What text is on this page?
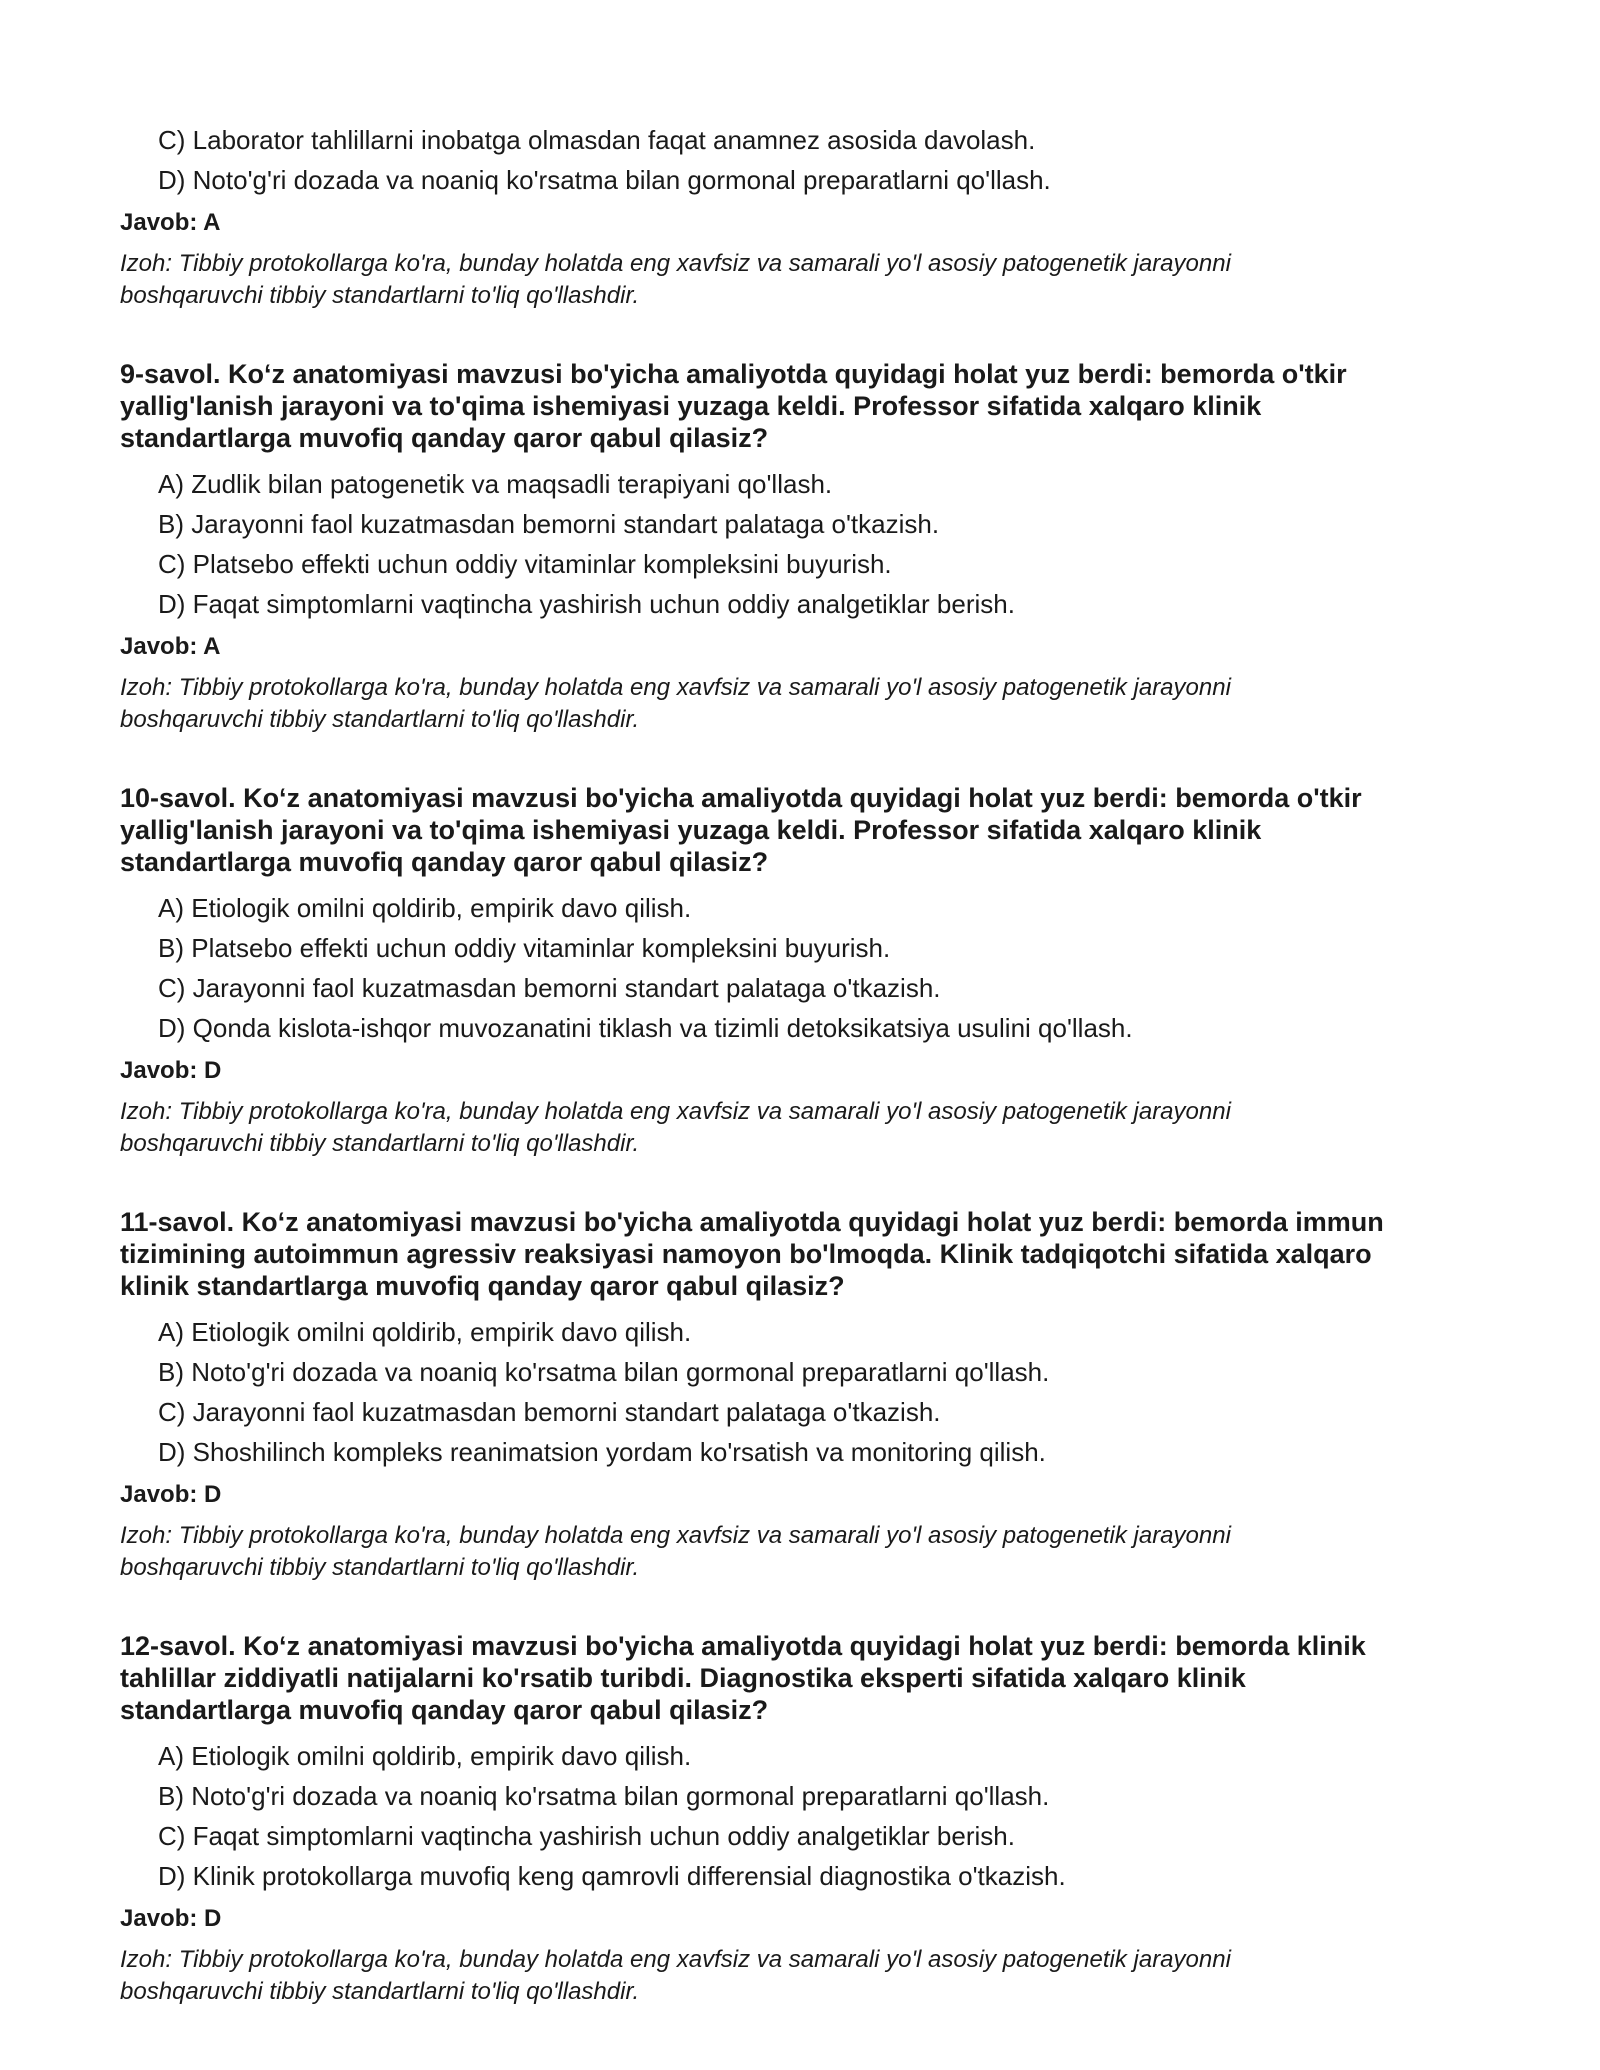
C) Laborator tahlillarni inobatga olmasdan faqat anamnez asosida davolash.
D) Noto'g'ri dozada va noaniq ko'rsatma bilan gormonal preparatlarni qo'llash.
Javob: A
Izoh: Tibbiy protokollarga ko'ra, bunday holatda eng xavfsiz va samarali yo'l asosiy patogenetik jarayonni
boshqaruvchi tibbiy standartlarni to'liq qo'llashdir.
9-savol. Ko‘z anatomiyasi mavzusi bo'yicha amaliyotda quyidagi holat yuz berdi: bemorda o'tkir
yallig'lanish jarayoni va to'qima ishemiyasi yuzaga keldi. Professor sifatida xalqaro klinik
standartlarga muvofiq qanday qaror qabul qilasiz?
A) Zudlik bilan patogenetik va maqsadli terapiyani qo'llash.
B) Jarayonni faol kuzatmasdan bemorni standart palataga o'tkazish.
C) Platsebo effekti uchun oddiy vitaminlar kompleksini buyurish.
D) Faqat simptomlarni vaqtincha yashirish uchun oddiy analgetiklar berish.
Javob: A
Izoh: Tibbiy protokollarga ko'ra, bunday holatda eng xavfsiz va samarali yo'l asosiy patogenetik jarayonni
boshqaruvchi tibbiy standartlarni to'liq qo'llashdir.
10-savol. Ko‘z anatomiyasi mavzusi bo'yicha amaliyotda quyidagi holat yuz berdi: bemorda o'tkir
yallig'lanish jarayoni va to'qima ishemiyasi yuzaga keldi. Professor sifatida xalqaro klinik
standartlarga muvofiq qanday qaror qabul qilasiz?
A) Etiologik omilni qoldirib, empirik davo qilish.
B) Platsebo effekti uchun oddiy vitaminlar kompleksini buyurish.
C) Jarayonni faol kuzatmasdan bemorni standart palataga o'tkazish.
D) Qonda kislota-ishqor muvozanatini tiklash va tizimli detoksikatsiya usulini qo'llash.
Javob: D
Izoh: Tibbiy protokollarga ko'ra, bunday holatda eng xavfsiz va samarali yo'l asosiy patogenetik jarayonni
boshqaruvchi tibbiy standartlarni to'liq qo'llashdir.
11-savol. Ko‘z anatomiyasi mavzusi bo'yicha amaliyotda quyidagi holat yuz berdi: bemorda immun
tizimining autoimmun agressiv reaksiyasi namoyon bo'lmoqda. Klinik tadqiqotchi sifatida xalqaro
klinik standartlarga muvofiq qanday qaror qabul qilasiz?
A) Etiologik omilni qoldirib, empirik davo qilish.
B) Noto'g'ri dozada va noaniq ko'rsatma bilan gormonal preparatlarni qo'llash.
C) Jarayonni faol kuzatmasdan bemorni standart palataga o'tkazish.
D) Shoshilinch kompleks reanimatsion yordam ko'rsatish va monitoring qilish.
Javob: D
Izoh: Tibbiy protokollarga ko'ra, bunday holatda eng xavfsiz va samarali yo'l asosiy patogenetik jarayonni
boshqaruvchi tibbiy standartlarni to'liq qo'llashdir.
12-savol. Ko‘z anatomiyasi mavzusi bo'yicha amaliyotda quyidagi holat yuz berdi: bemorda klinik
tahlillar ziddiyatli natijalarni ko'rsatib turibdi. Diagnostika eksperti sifatida xalqaro klinik
standartlarga muvofiq qanday qaror qabul qilasiz?
A) Etiologik omilni qoldirib, empirik davo qilish.
B) Noto'g'ri dozada va noaniq ko'rsatma bilan gormonal preparatlarni qo'llash.
C) Faqat simptomlarni vaqtincha yashirish uchun oddiy analgetiklar berish.
D) Klinik protokollarga muvofiq keng qamrovli differensial diagnostika o'tkazish.
Javob: D
Izoh: Tibbiy protokollarga ko'ra, bunday holatda eng xavfsiz va samarali yo'l asosiy patogenetik jarayonni
boshqaruvchi tibbiy standartlarni to'liq qo'llashdir.
